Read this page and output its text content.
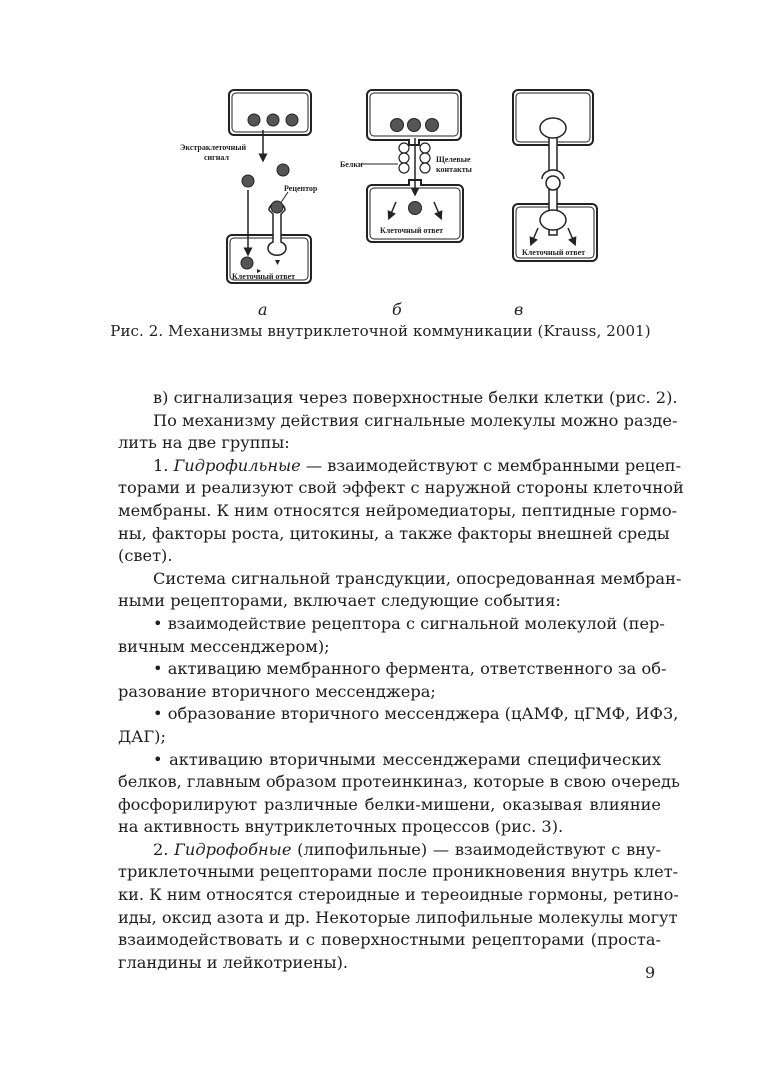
Экстраклеточный
сигнал
Рецептор
Клеточный ответ
Белки
Щелевые
контакты
Клеточный ответ
Клеточный ответ
а	б	в
Рис. 2. Механизмы внутриклеточной коммуникации (Krauss, 2001)
в) сигнализация через поверхностные белки клетки (рис. 2).
По механизму действия сигнальные молекулы можно разде-
лить на две группы:
1. Гидрофильные — взаимодействуют с мембранными рецеп-
торами и реализуют свой эффект с наружной стороны клеточной
мембраны. К ним относятся нейромедиаторы, пептидные гормо-
ны, факторы роста, цитокины, а также факторы внешней среды
(свет).
Система сигнальной трансдукции, опосредованная мембран-
ными рецепторами, включает следующие события:
• взаимодействие рецептора с сигнальной молекулой (пер-
вичным мессенджером);
• активацию мембранного фермента, ответственного за об-
разование вторичного мессенджера;
• образование вторичного мессенджера (цАМФ, цГМФ, ИФ3,
ДАГ);
• активацию вторичными мессенджерами специфических
белков, главным образом протеинкиназ, которые в свою очередь
фосфорилируют различные белки-мишени, оказывая влияние
на активность внутриклеточных процессов (рис. 3).
2. Гидрофобные (липофильные) — взаимодействуют с вну-
триклеточными рецепторами после проникновения внутрь клет-
ки. К ним относятся стероидные и тереоидные гормоны, ретино-
иды, оксид азота и др. Некоторые липофильные молекулы могут
взаимодействовать и с поверхностными рецепторами (проста-
гландины и лейкотриены).
9
